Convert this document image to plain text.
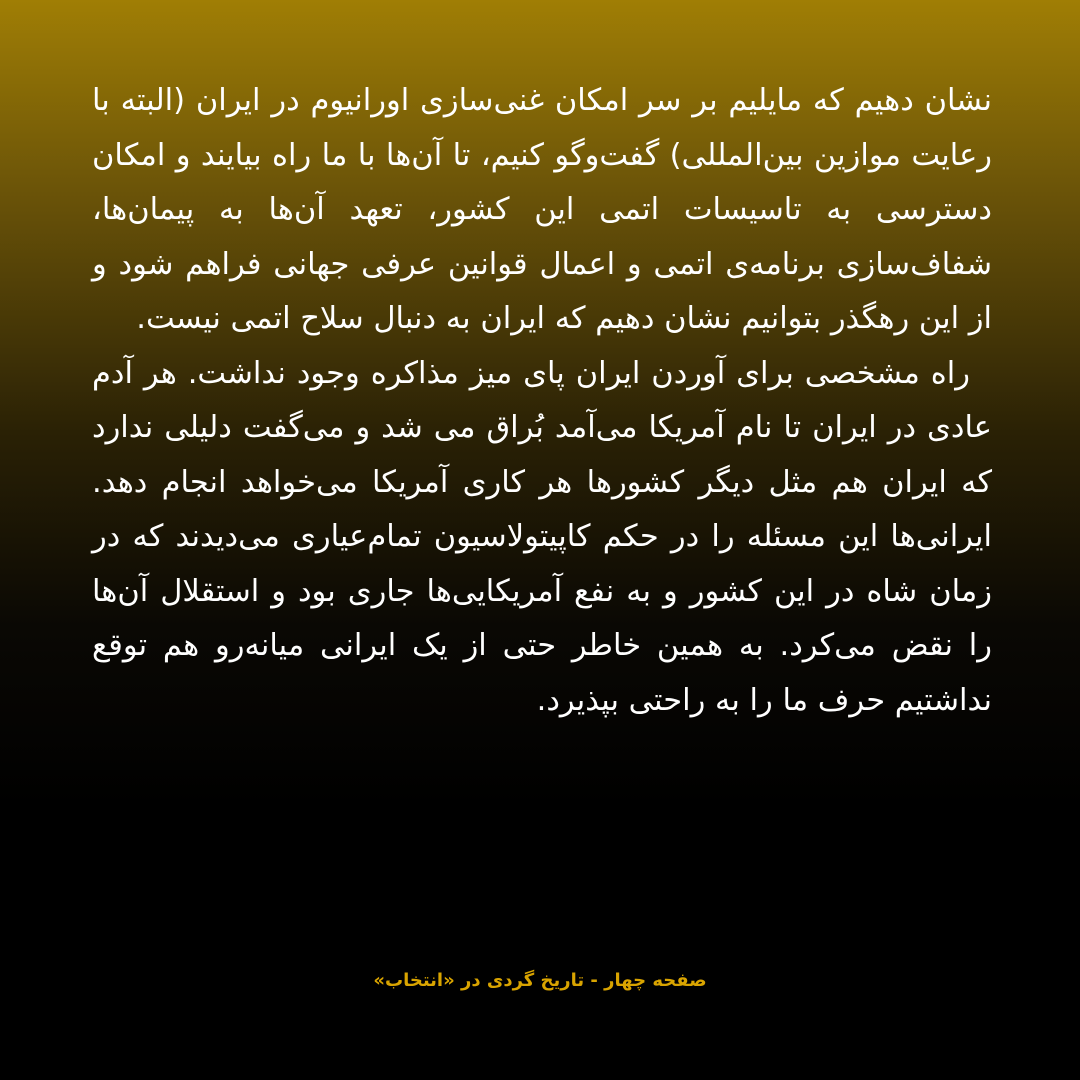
نشان دهیم که مایلیم بر سر امکان غنی‌سازی اورانیوم در ایران (البته با رعایت موازین بین‌المللی) گفت‌وگو کنیم، تا آن‌ها با ما راه بیایند و امکان دسترسی به تاسیسات اتمی این کشور، تعهد آن‌ها به پیمان‌ها، شفاف‌سازی برنامه‌ی اتمی و اعمال قوانین عرفی جهانی فراهم شود و از این رهگذر بتوانیم نشان دهیم که ایران به دنبال سلاح اتمی نیست.

راه مشخصی برای آوردن ایران پای میز مذاکره وجود نداشت. هر آدم عادی در ایران تا نام آمریکا می‌آمد بُراق می شد و می‌گفت دلیلی ندارد که ایران هم مثل دیگر کشورها هر کاری آمریکا می‌خواهد انجام دهد. ایرانی‌ها این مسئله را در حکم کاپیتولاسیون تمام‌عیاری می‌دیدند که در زمان شاه در این کشور و به نفع آمریکایی‌ها جاری بود و استقلال آن‌ها را نقض می‌کرد. به همین خاطر حتی از یک ایرانی میانه‌رو هم توقع نداشتیم حرف ما را به راحتی بپذیرد.

صفحه چهار - تاریخ گردی در «انتخاب»
